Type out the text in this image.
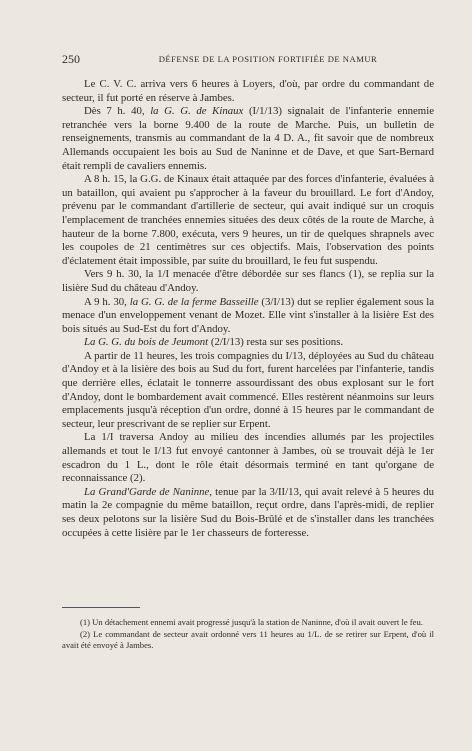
250	DÉFENSE DE LA POSITION FORTIFIÉE DE NAMUR

Le C. V. C. arriva vers 6 heures à Loyers, d'où, par ordre du commandant de secteur, il fut porté en réserve à Jambes.

Dès 7 h. 40, la G. G. de Kinaux (I/1/13) signalait de l'infanterie ennemie retranchée vers la borne 9.400 de la route de Marche. Puis, un bulletin de renseignements, transmis au commandant de la 4 D. A., fit savoir que de nombreux Allemands occupaient les bois au Sud de Naninne et de Dave, et que Sart-Bernard était rempli de cavaliers ennemis.

A 8 h. 15, la G.G. de Kinaux était attaquée par des forces d'infanterie, évaluées à un bataillon, qui avaient pu s'approcher à la faveur du brouillard. Le fort d'Andoy, prévenu par le commandant d'artillerie de secteur, qui avait indiqué sur un croquis l'emplacement de tranchées ennemies situées des deux côtés de la route de Marche, à hauteur de la borne 7.800, exécuta, vers 9 heures, un tir de quelques shrapnels avec les coupoles de 21 centimètres sur ces objectifs. Mais, l'observation des points d'éclatement était impossible, par suite du brouillard, le feu fut suspendu.

Vers 9 h. 30, la 1/I menacée d'être débordée sur ses flancs (1), se replia sur la lisière Sud du château d'Andoy.

A 9 h. 30, la G. G. de la ferme Basseille (3/I/13) dut se replier également sous la menace d'un enveloppement venant de Mozet. Elle vint s'installer à la lisière Est des bois situés au Sud-Est du fort d'Andoy.

La G. G. du bois de Jeumont (2/I/13) resta sur ses positions.

A partir de 11 heures, les trois compagnies du I/13, déployées au Sud du château d'Andoy et à la lisière des bois au Sud du fort, furent harcelées par l'infanterie, tandis que derrière elles, éclatait le tonnerre assourdissant des obus explosant sur le fort d'Andoy, dont le bombardement avait commencé. Elles restèrent néanmoins sur leurs emplacements jusqu'à réception d'un ordre, donné à 15 heures par le commandant de secteur, leur prescrivant de se replier sur Erpent.

La 1/I traversa Andoy au milieu des incendies allumés par les projectiles allemands et tout le I/13 fut envoyé cantonner à Jambes, où se trouvait déjà le 1er escadron du 1 L., dont le rôle était désormais terminé en tant qu'organe de reconnaissance (2).

La Grand'Garde de Naninne, tenue par la 3/II/13, qui avait relevé à 5 heures du matin la 2e compagnie du même bataillon, reçut ordre, dans l'après-midi, de replier ses deux pelotons sur la lisière Sud du Bois-Brûlé et de s'installer dans les tranchées occupées à cette lisière par le 1er chasseurs de forteresse.

(1) Un détachement ennemi avait progressé jusqu'à la station de Naninne, d'où il avait ouvert le feu.

(2) Le commandant de secteur avait ordonné vers 11 heures au 1/L. de se retirer sur Erpent, d'où il avait été envoyé à Jambes.
